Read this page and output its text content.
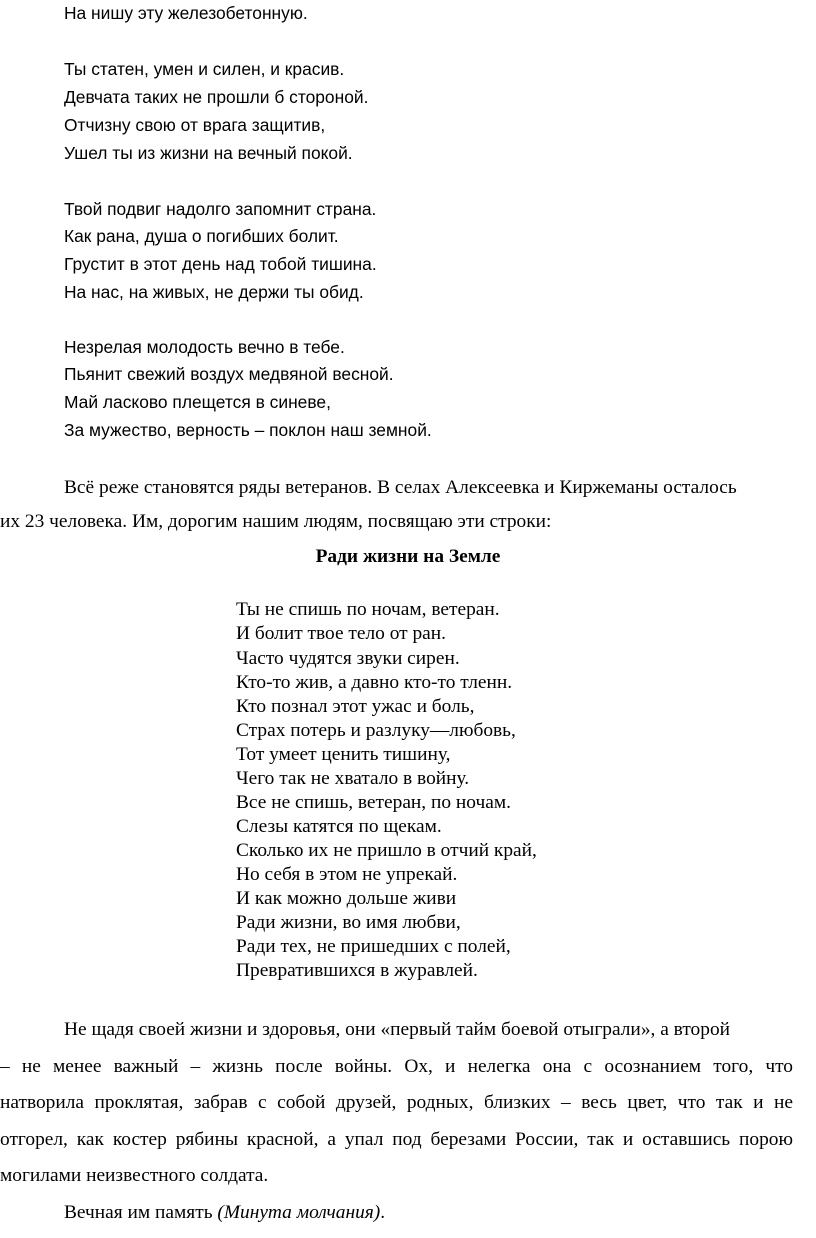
На нишу эту железобетонную.
Ты статен, умен и силен, и красив.
Девчата таких не прошли б стороной.
Отчизну свою от врага защитив,
Ушел ты из жизни на вечный покой.
Твой подвиг надолго запомнит страна.
Как рана, душа о погибших болит.
Грустит в этот день над тобой тишина.
На нас, на живых, не держи ты обид.
Незрелая молодость вечно в тебе.
Пьянит свежий воздух медвяной весной.
Май ласково плещется в синеве,
За мужество, верность – поклон наш земной.
Всё реже становятся ряды ветеранов. В селах Алексеевка и Киржеманы осталось
их 23 человека. Им, дорогим нашим людям, посвящаю эти строки:
Ради жизни на Земле
Ты не спишь по ночам, ветеран.
И болит твое тело от ран.
Часто чудятся звуки сирен.
Кто-то жив, а давно кто-то тленн.
Кто познал этот ужас и боль,
Страх потерь и разлуку—любовь,
Тот умеет ценить тишину,
Чего так не хватало в войну.
Все не спишь, ветеран, по ночам.
Слезы катятся по щекам.
Сколько их не пришло в отчий край,
Но себя в этом не упрекай.
И как можно дольше живи
Ради жизни, во имя любви,
Ради тех, не пришедших с полей,
Превратившихся в журавлей.
Не щадя своей жизни и здоровья, они «первый тайм боевой отыграли», а второй
– не менее важный – жизнь после войны. Ох, и нелегка она с осознанием того, что
натворила проклятая, забрав с собой друзей, родных, близких – весь цвет, что так и не
отгорел, как костер рябины красной, а упал под березами России, так и оставшись порою
могилами неизвестного солдата.
Вечная им память (Минута молчания).
